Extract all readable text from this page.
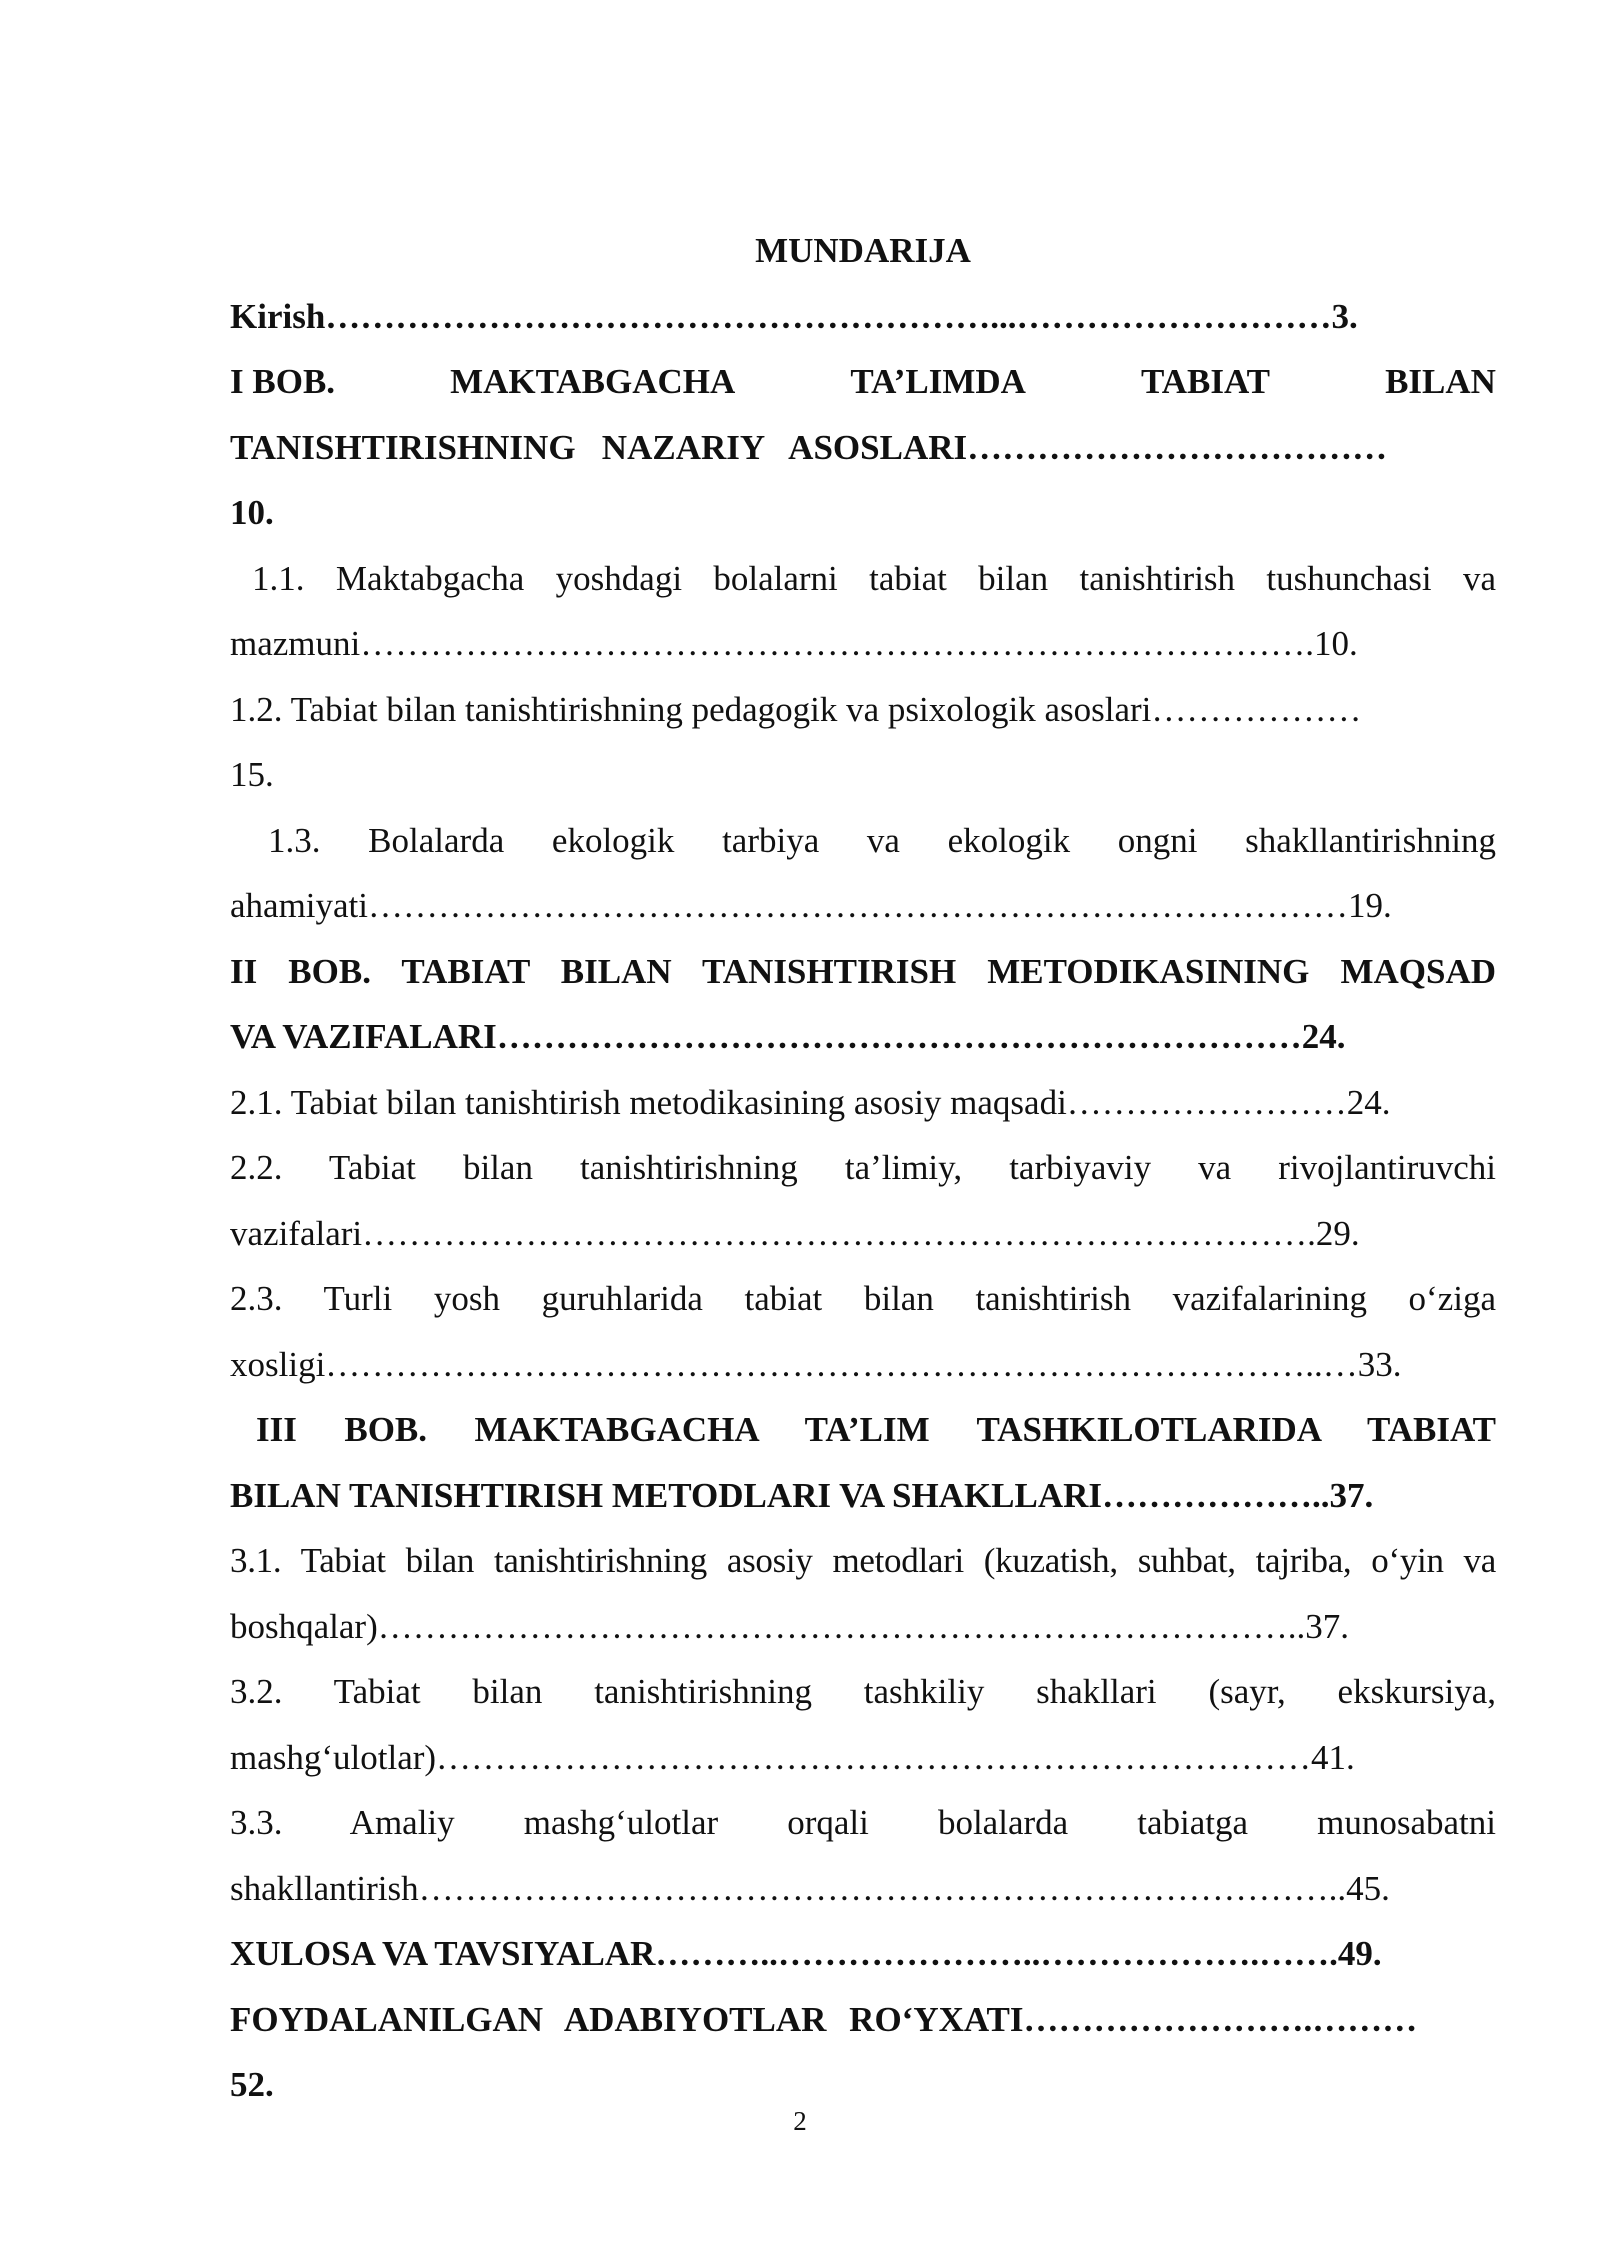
MUNDARIJA
Kirish…………………………………………………...………………………3.
I BOB.	MAKTABGACHA	TA’LIMDA	TABIAT	BILAN
TANISHTIRISHNING   NAZARIY   ASOSLARI………………………………
10.
1.1. Maktabgacha yoshdagi bolalarni tabiat bilan tanishtirish tushunchasi va
mazmuni……………………………………………………………………….10.
1.2. Tabiat bilan tanishtirishning pedagogik va psixologik asoslari………………
15.
1.3. Bolalarda ekologik tarbiya va ekologik ongni shakllantirishning
ahamiyati…………………………………………………………………………19.
II BOB. TABIAT BILAN TANISHTIRISH METODIKASINING MAQSAD
VA VAZIFALARI……………………………………………………………24.
2.1. Tabiat bilan tanishtirish metodikasining asosiy maqsadi……………………24.
2.2. Tabiat bilan tanishtirishning ta’limiy, tarbiyaviy va rivojlantiruvchi
vazifalari……………………………………………………………………….29.
2.3. Turli yosh guruhlarida tabiat bilan tanishtirish vazifalarining o‘ziga
xosligi…………………………………………………………………………..…33.
III BOB. MAKTABGACHA TA’LIM TASHKILOTLARIDA TABIAT
BILAN TANISHTIRISH METODLARI VA SHAKLLARI………………..37.
3.1. Tabiat bilan tanishtirishning asosiy metodlari (kuzatish, suhbat, tajriba, o‘yin va
boshqalar)……………………………………………………………………..37.
3.2. Tabiat bilan tanishtirishning tashkiliy shakllari (sayr, ekskursiya,
mashg‘ulotlar)…………………………………………………………………41.
3.3. Amaliy mashg‘ulotlar orqali bolalarda tabiatga munosabatni
shakllantirish……………………………………………………………………..45.
XULOSA VA TAVSIYALAR………..…………………..……………….…….49.
FOYDALANILGAN ADABIYOTLAR RO‘YXATI…………………….………
52.
2
